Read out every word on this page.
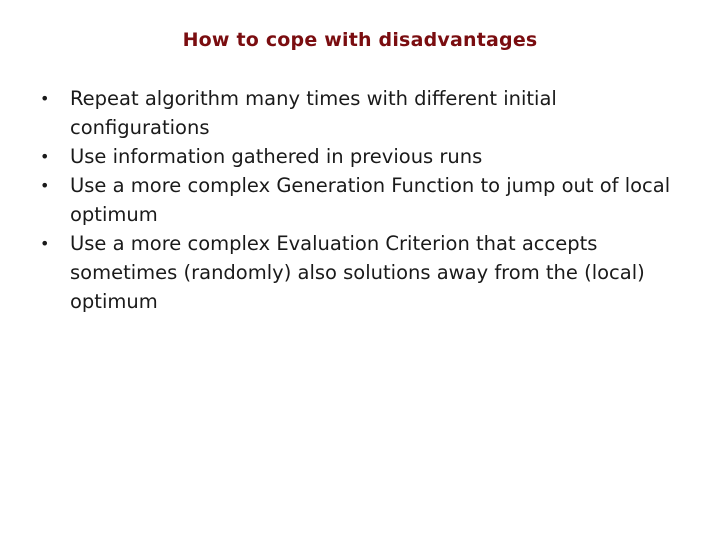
How to cope with disadvantages
• Repeat algorithm many times with different initial configurations
• Use information gathered in previous runs
• Use a more complex Generation Function to jump out of local optimum
• Use a more complex Evaluation Criterion that accepts sometimes (randomly) also solutions away from the (local) optimum
